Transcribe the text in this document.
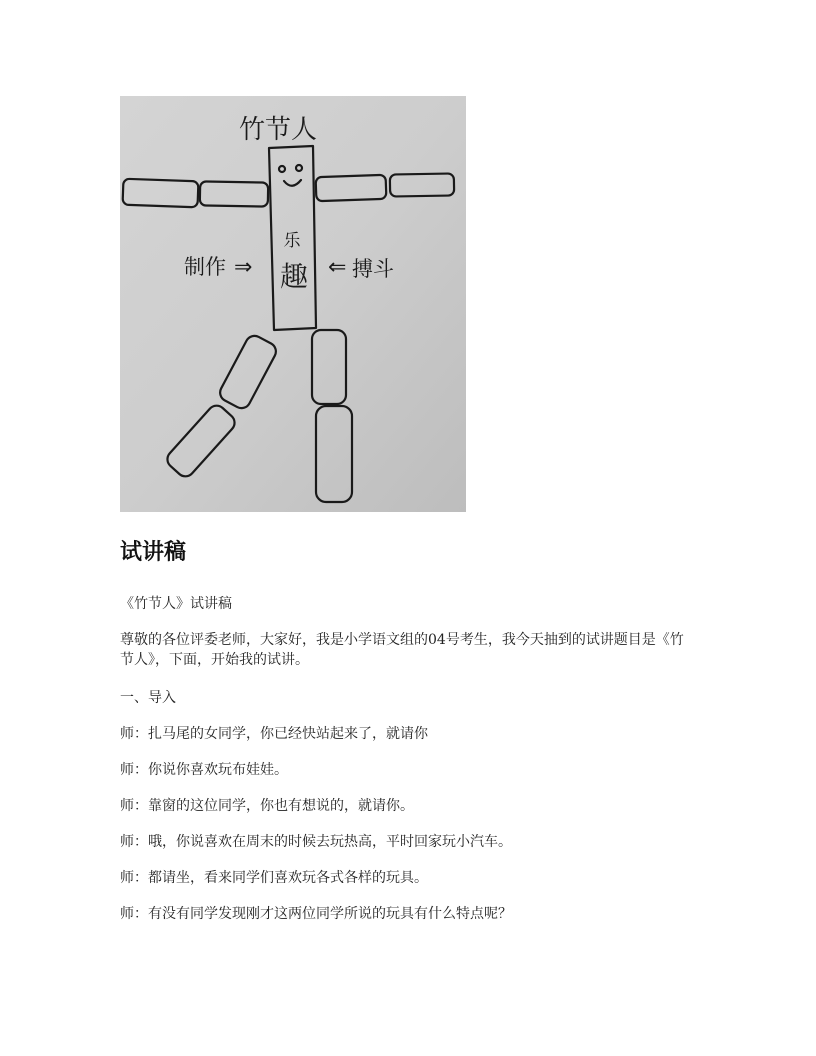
竹节人
乐
趣
制作 ⇒	⇐ 搏斗
试讲稿

《竹节人》试讲稿

尊敬的各位评委老师，大家好，我是小学语文组的04号考生，我今天抽到的试讲题目是《竹节人》，下面，开始我的试讲。

一、导入

师：扎马尾的女同学，你已经快站起来了，就请你

师：你说你喜欢玩布娃娃。

师：靠窗的这位同学，你也有想说的，就请你。

师：哦，你说喜欢在周末的时候去玩热高，平时回家玩小汽车。

师：都请坐，看来同学们喜欢玩各式各样的玩具。

师：有没有同学发现刚才这两位同学所说的玩具有什么特点呢？
